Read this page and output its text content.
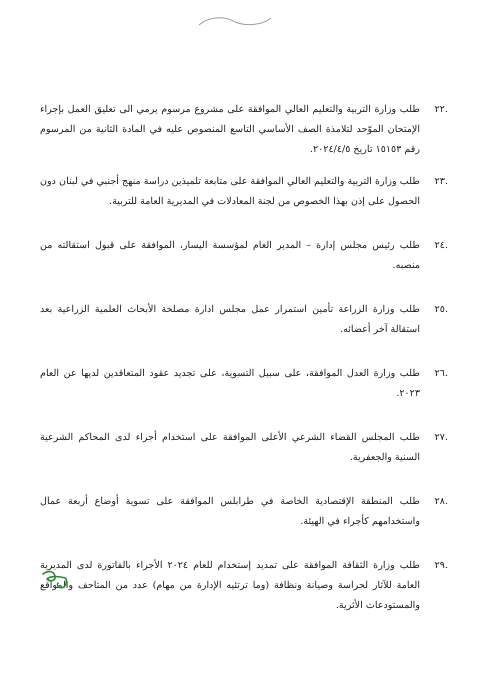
.٢٢
طلب وزارة التربية والتعليم العالي الموافقة على مشروع مرسوم يرمي الى تعليق العمل بإجراء الإمتحان الموّحد لتلامذة الصف الأساسي التاسع المنصوص عليه في المادة الثانية من المرسوم رقم ١٥١٥٣ تاريخ ٢٠٢٤/٤/٥.
.٢٣
طلب وزارة التربية والتعليم العالي الموافقة على متابعة تلميذين دراسة منهج أجنبي في لبنان دون الحصول على إذن بهذا الخصوص من لجنة المعادلات في المديرية العامة للتربية.
.٢٤
طلب رئيس مجلس إدارة – المدير العام لمؤسسة اليسار، الموافقة على قبول استقالته من منصبه.
.٢٥
طلب وزارة الزراعة تأمين استمرار عمل مجلس ادارة مصلحة الأبحاث العلمية الزراعية بعد استقالة آخر أعضائه.
.٢٦
طلب وزارة العدل الموافقة، على سبيل التسوية، على تجديد عقود المتعاقدين لديها عن العام ٢٠٢٣.
.٢٧
طلب المجلس القضاء الشرعي الأعلى الموافقة على استخدام أجراء لدى المحاكم الشرعية السنية والجعفرية.
.٢٨
طلب المنطقة الإقتصادية الخاصة في طرابلس الموافقة على تسوية أوضاع أربعة عمال واستخدامهم كأجراء في الهيئة.
.٢٩
طلب وزارة الثقافة الموافقة على تمديد إستخدام للعام ٢٠٢٤ الأجراء بالفاتورة لدى المديرية العامة للآثار لحراسة وصيانة ونظافة (وما ترتئيه الإدارة من مهام) عدد من المتاحف والمواقع والمستودعات الأثرية.
